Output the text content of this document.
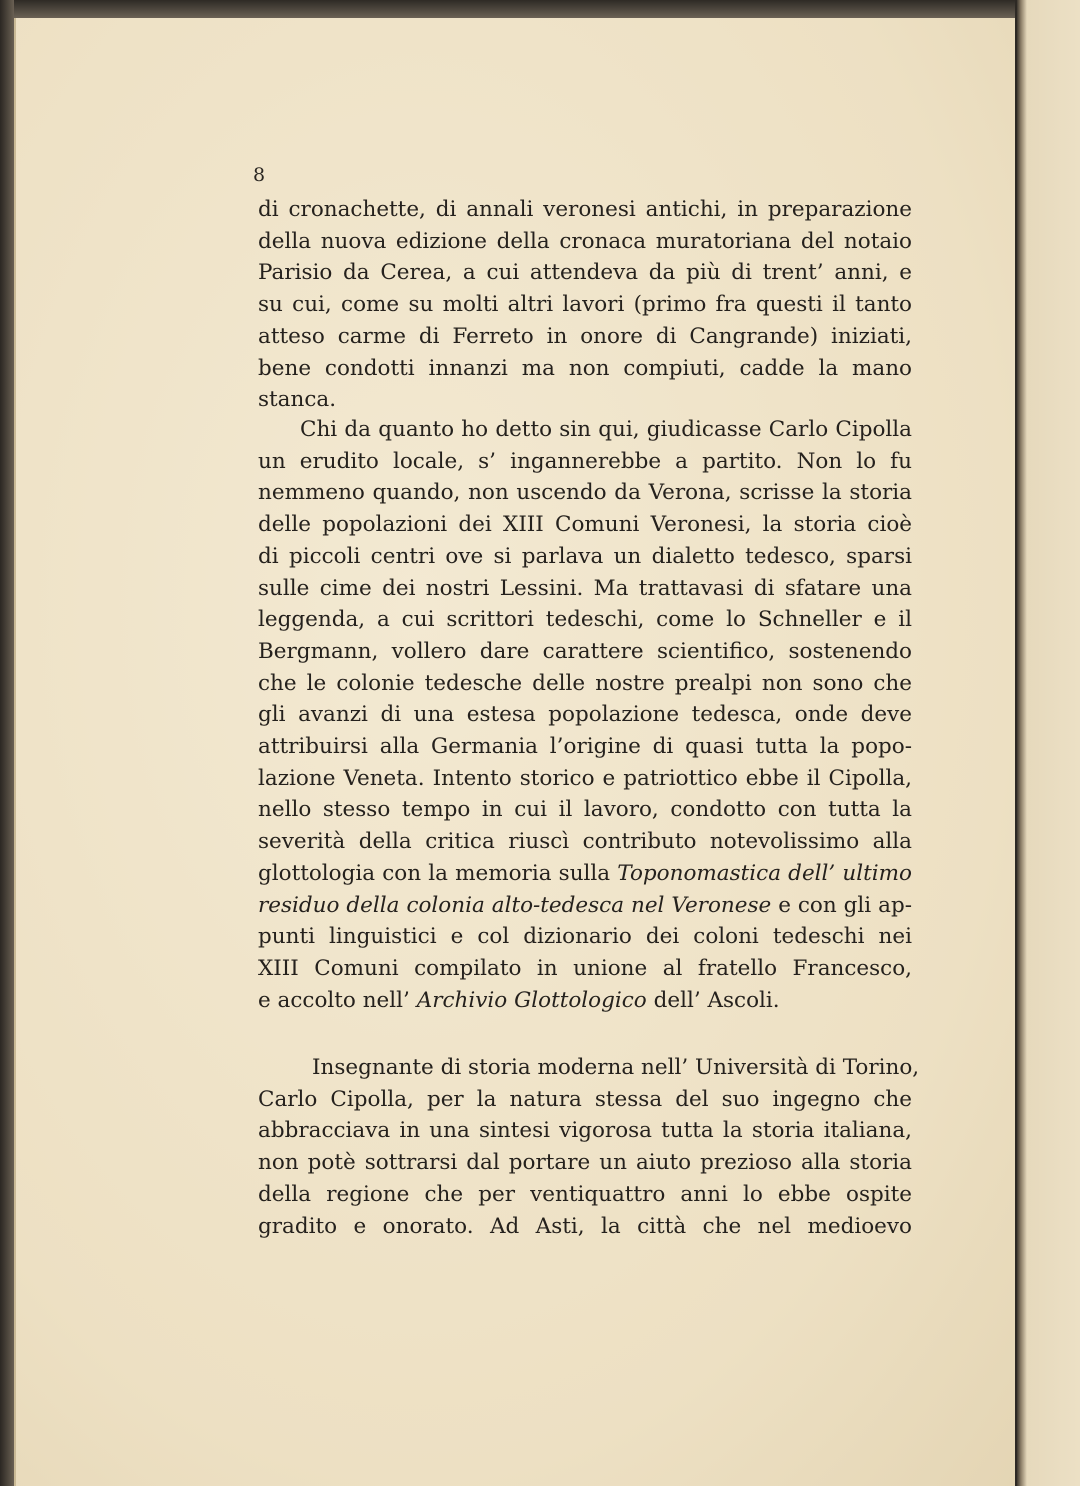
8
di cronachette, di annali veronesi antichi, in preparazione
della nuova edizione della cronaca muratoriana del notaio
Parisio da Cerea, a cui attendeva da più di trent’ anni, e
su cui, come su molti altri lavori (primo fra questi il tanto
atteso carme di Ferreto in onore di Cangrande) iniziati,
bene condotti innanzi ma non compiuti, cadde la mano
stanca.
Chi da quanto ho detto sin qui, giudicasse Carlo Cipolla
un erudito locale, s’ ingannerebbe a partito. Non lo fu
nemmeno quando, non uscendo da Verona, scrisse la storia
delle popolazioni dei XIII Comuni Veronesi, la storia cioè
di piccoli centri ove si parlava un dialetto tedesco, sparsi
sulle cime dei nostri Lessini. Ma trattavasi di sfatare una
leggenda, a cui scrittori tedeschi, come lo Schneller e il
Bergmann, vollero dare carattere scientifico, sostenendo
che le colonie tedesche delle nostre prealpi non sono che
gli avanzi di una estesa popolazione tedesca, onde deve
attribuirsi alla Germania l’origine di quasi tutta la popo-
lazione Veneta. Intento storico e patriottico ebbe il Cipolla,
nello stesso tempo in cui il lavoro, condotto con tutta la
severità della critica riuscì contributo notevolissimo alla
glottologia con la memoria sulla Toponomastica dell’ ultimo
residuo della colonia alto-tedesca nel Veronese e con gli ap-
punti linguistici e col dizionario dei coloni tedeschi nei
XIII Comuni compilato in unione al fratello Francesco,
e accolto nell’ Archivio Glottologico dell’ Ascoli.
Insegnante di storia moderna nell’ Università di Torino,
Carlo Cipolla, per la natura stessa del suo ingegno che
abbracciava in una sintesi vigorosa tutta la storia italiana,
non potè sottrarsi dal portare un aiuto prezioso alla storia
della regione che per ventiquattro anni lo ebbe ospite
gradito e onorato. Ad Asti, la città che nel medioevo
